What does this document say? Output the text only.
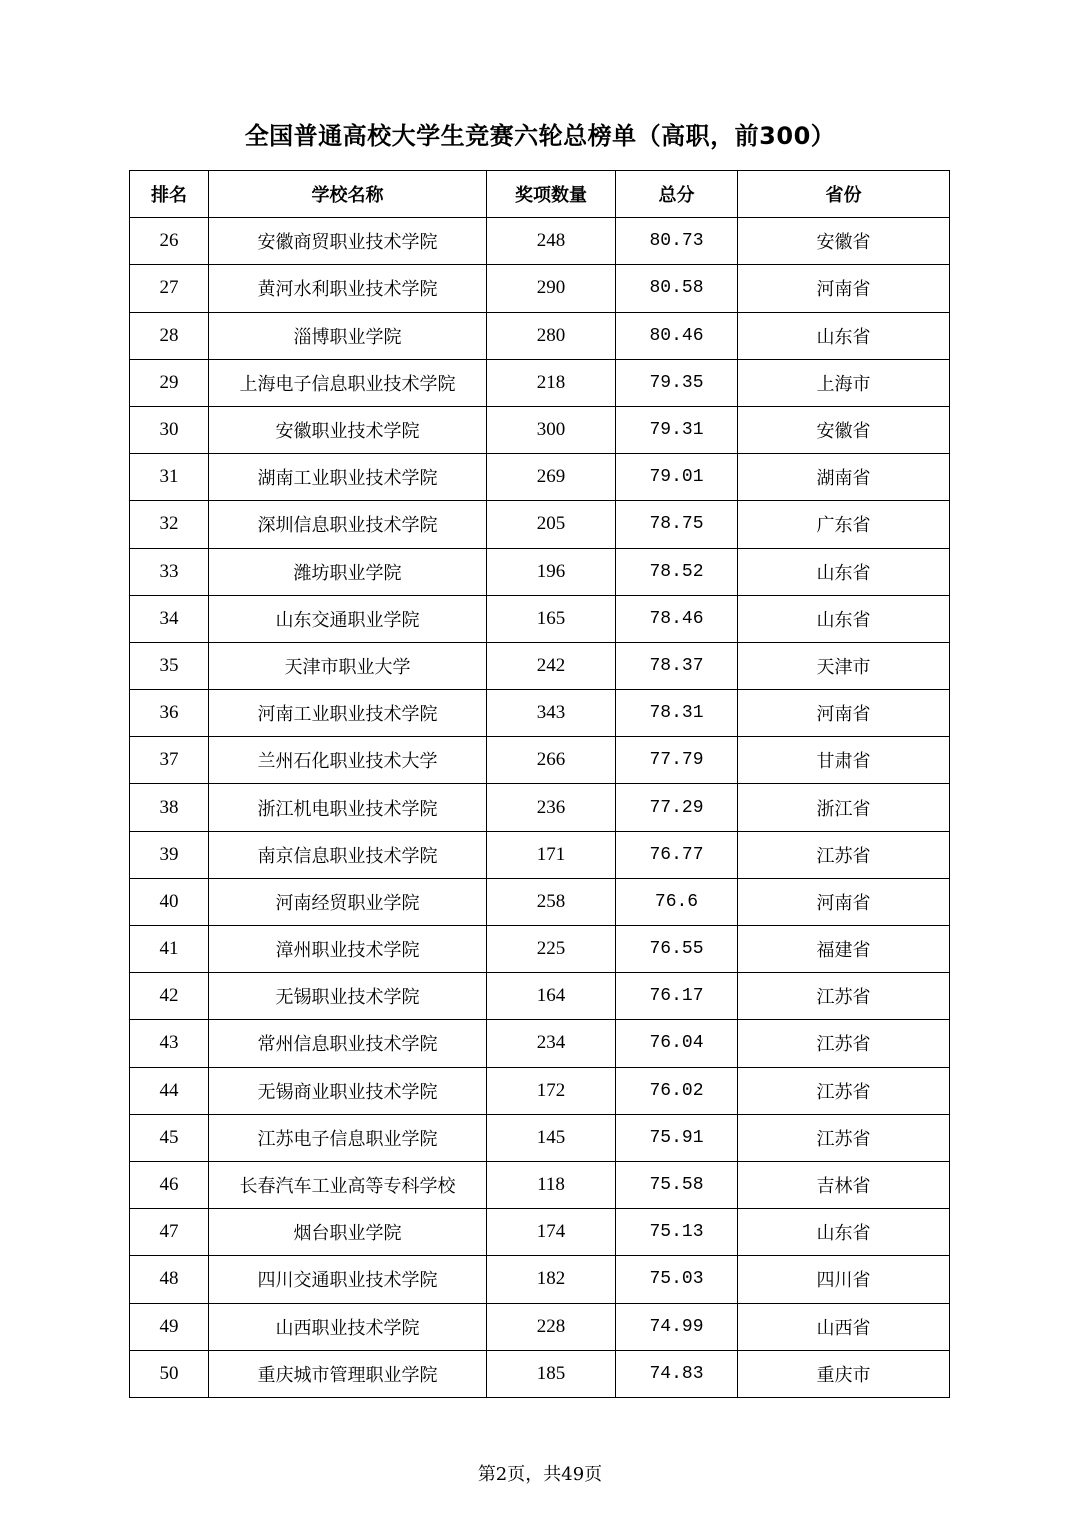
全国普通高校大学生竞赛六轮总榜单（高职，前300）
排名	学校名称	奖项数量	总分	省份
26	安徽商贸职业技术学院	248	80.73	安徽省
27	黄河水利职业技术学院	290	80.58	河南省
28	淄博职业学院	280	80.46	山东省
29	上海电子信息职业技术学院	218	79.35	上海市
30	安徽职业技术学院	300	79.31	安徽省
31	湖南工业职业技术学院	269	79.01	湖南省
32	深圳信息职业技术学院	205	78.75	广东省
33	潍坊职业学院	196	78.52	山东省
34	山东交通职业学院	165	78.46	山东省
35	天津市职业大学	242	78.37	天津市
36	河南工业职业技术学院	343	78.31	河南省
37	兰州石化职业技术大学	266	77.79	甘肃省
38	浙江机电职业技术学院	236	77.29	浙江省
39	南京信息职业技术学院	171	76.77	江苏省
40	河南经贸职业学院	258	76.6	河南省
41	漳州职业技术学院	225	76.55	福建省
42	无锡职业技术学院	164	76.17	江苏省
43	常州信息职业技术学院	234	76.04	江苏省
44	无锡商业职业技术学院	172	76.02	江苏省
45	江苏电子信息职业学院	145	75.91	江苏省
46	长春汽车工业高等专科学校	118	75.58	吉林省
47	烟台职业学院	174	75.13	山东省
48	四川交通职业技术学院	182	75.03	四川省
49	山西职业技术学院	228	74.99	山西省
50	重庆城市管理职业学院	185	74.83	重庆市
第2页，共49页
